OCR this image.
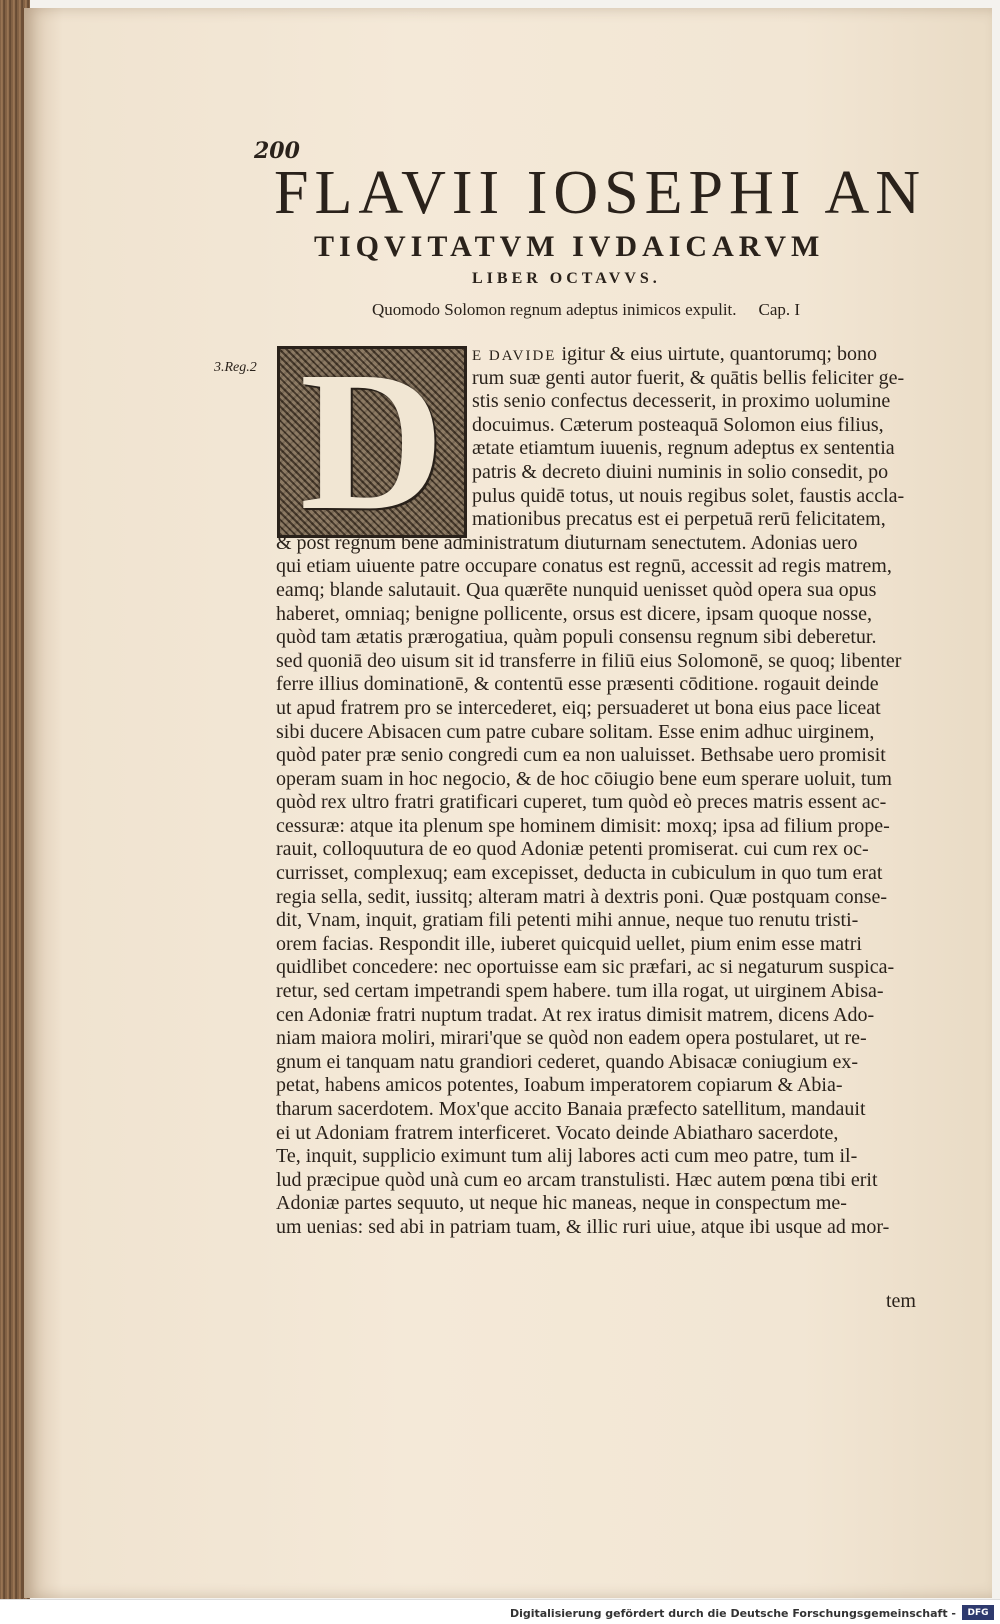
200

FLAVII IOSEPHI AN
TIQVITATVM IVDAICARVM
LIBER OCTAVVS.

Quomodo Solomon regnum adeptus inimicos expulit. Cap. I

3.Reg.2 D	E DAVIDE igitur & eius uirtute, quantorumq; bono
rum suæ genti autor fuerit, & quātis bellis feliciter ge-
stis senio confectus decesserit, in proximo uolumine
docuimus. Cæterum posteaquā Solomon eius filius,
ætate etiamtum iuuenis, regnum adeptus ex sententia
patris & decreto diuini numinis in solio consedit, po
pulus quidē totus, ut nouis regibus solet, faustis accla-
mationibus precatus est ei perpetuā rerū felicitatem,
& post regnum bene administratum diuturnam senectutem. Adonias uero
qui etiam uiuente patre occupare conatus est regnū, accessit ad regis matrem,
eamq; blande salutauit. Qua quærēte nunquid uenisset quòd opera sua opus
haberet, omniaq; benigne pollicente, orsus est dicere, ipsam quoque nosse,
quòd tam ætatis prærogatiua, quàm populi consensu regnum sibi deberetur.
sed quoniā deo uisum sit id transferre in filiū eius Solomonē, se quoq; libenter
ferre illius dominationē, & contentū esse præsenti cōditione. rogauit deinde
ut apud fratrem pro se intercederet, eiq; persuaderet ut bona eius pace liceat
sibi ducere Abisacen cum patre cubare solitam. Esse enim adhuc uirginem,
quòd pater præ senio congredi cum ea non ualuisset. Bethsabe uero promisit
operam suam in hoc negocio, & de hoc cōiugio bene eum sperare uoluit, tum
quòd rex ultro fratri gratificari cuperet, tum quòd eò preces matris essent ac-
cessuræ: atque ita plenum spe hominem dimisit: moxq; ipsa ad filium prope-
rauit, colloquutura de eo quod Adoniæ petenti promiserat. cui cum rex oc-
currisset, complexuq; eam excepisset, deducta in cubiculum in quo tum erat
regia sella, sedit, iussitq; alteram matri à dextris poni. Quæ postquam conse-
dit, Vnam, inquit, gratiam fili petenti mihi annue, neque tuo renutu tristi-
orem facias. Respondit ille, iuberet quicquid uellet, pium enim esse matri
quidlibet concedere: nec oportuisse eam sic præfari, ac si negaturum suspica-
retur, sed certam impetrandi spem habere. tum illa rogat, ut uirginem Abisa-
cen Adoniæ fratri nuptum tradat. At rex iratus dimisit matrem, dicens Ado-
niam maiora moliri, mirari'que se quòd non eadem opera postularet, ut re-
gnum ei tanquam natu grandiori cederet, quando Abisacæ coniugium ex-
petat, habens amicos potentes, Ioabum imperatorem copiarum & Abia-
tharum sacerdotem. Mox'que accito Banaia præfecto satellitum, mandauit
ei ut Adoniam fratrem interficeret. Vocato deinde Abiatharo sacerdote,
Te, inquit, supplicio eximunt tum alij labores acti cum meo patre, tum il-
lud præcipue quòd unà cum eo arcam transtulisti. Hæc autem pœna tibi erit
Adoniæ partes sequuto, ut neque hic maneas, neque in conspectum me-
um uenias: sed abi in patriam tuam, & illic ruri uiue, atque ibi usque ad mor-

tem

Digitalisierung gefördert durch die Deutsche Forschungsgemeinschaft - DFG
